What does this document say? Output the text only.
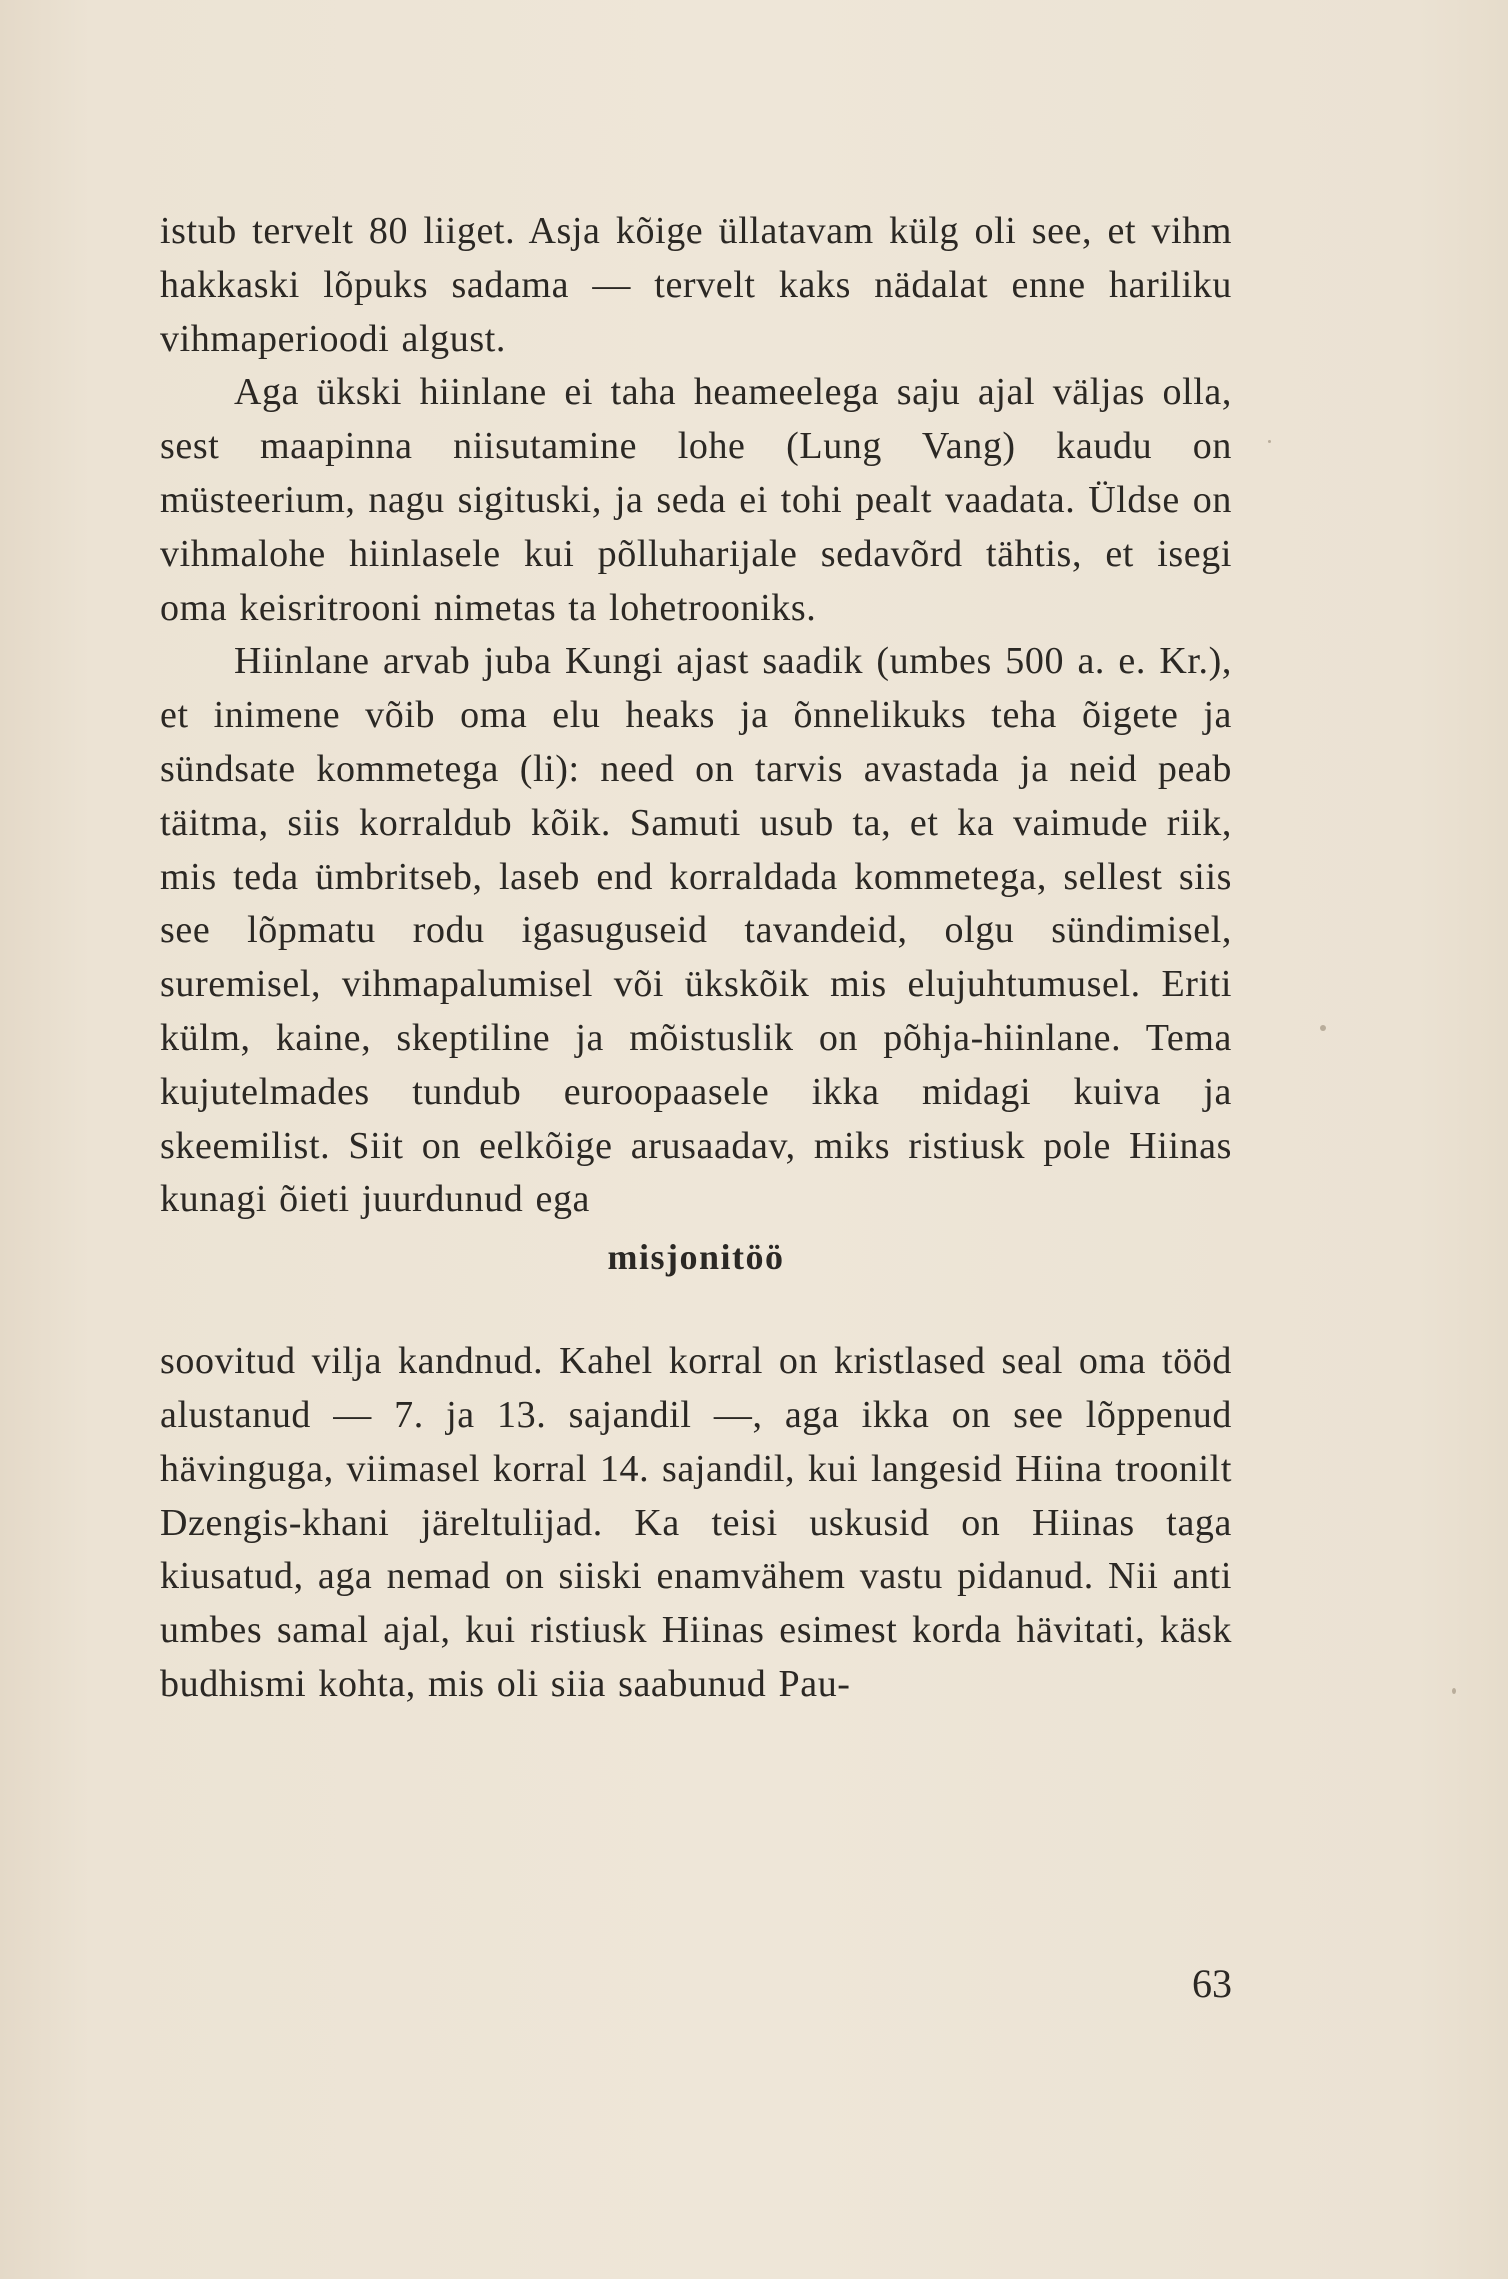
istub tervelt 80 liiget. Asja kõige üllatavam külg oli see, et vihm hakkaski lõpuks sadama — tervelt kaks nädalat enne hariliku vihmaperioodi algust.

Aga ükski hiinlane ei taha heameelega saju ajal väljas olla, sest maapinna niisutamine lohe (Lung Vang) kaudu on müsteerium, nagu sigituski, ja seda ei tohi pealt vaadata. Üldse on vihmalohe hiinlasele kui põlluharijale sedavõrd tähtis, et isegi oma keisritrooni nimetas ta lohetrooniks.

Hiinlane arvab juba Kungi ajast saadik (umbes 500 a. e. Kr.), et inimene võib oma elu heaks ja õnnelikuks teha õigete ja sündsate kommetega (li): need on tarvis avastada ja neid peab täitma, siis korraldub kõik. Samuti usub ta, et ka vaimude riik, mis teda ümbritseb, laseb end korraldada kommetega, sellest siis see lõpmatu rodu igasuguseid tavandeid, olgu sündimisel, suremisel, vihmapalumisel või ükskõik mis elujuhtumusel. Eriti külm, kaine, skeptiline ja mõistuslik on põhja-hiinlane. Tema kujutelmades tundub euroopaasele ikka midagi kuiva ja skeemilist. Siit on eelkõige arusaadav, miks ristiusk pole Hiinas kunagi õieti juurdunud ega

misjonitöö

soovitud vilja kandnud. Kahel korral on kristlased seal oma tööd alustanud — 7. ja 13. sajandil —, aga ikka on see lõppenud hävinguga, viimasel korral 14. sajandil, kui langesid Hiina troonilt Dzengis-khani järeltulijad. Ka teisi uskusid on Hiinas taga kiusatud, aga nemad on siiski enamvähem vastu pidanud. Nii anti umbes samal ajal, kui ristiusk Hiinas esimest korda hävitati, käsk budhismi kohta, mis oli siia saabunud Pau-

63
